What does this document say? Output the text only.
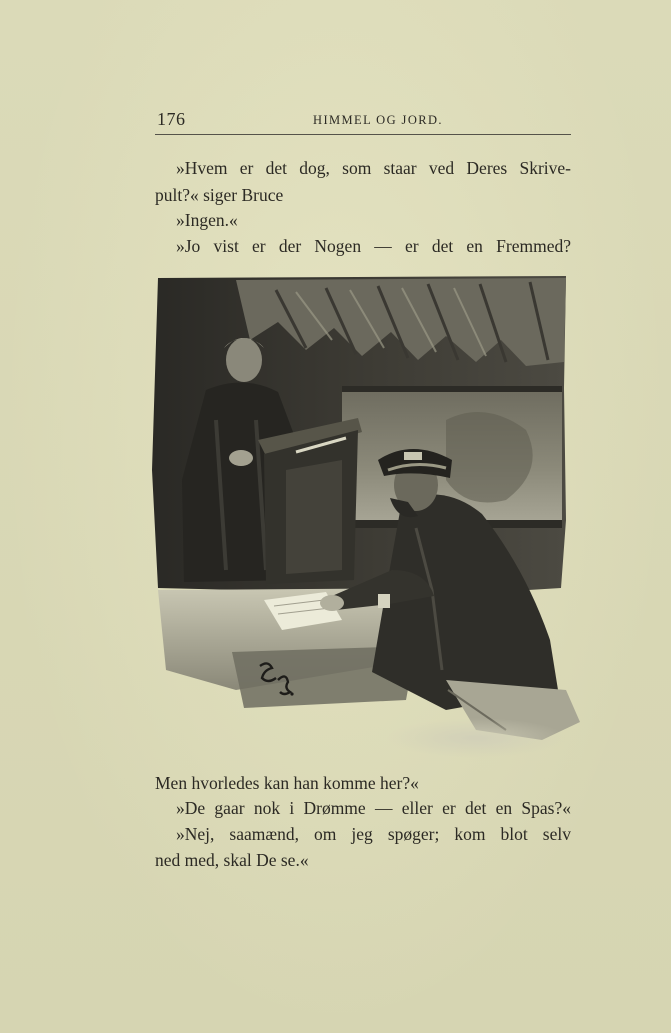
176	HIMMEL OG JORD.
»Hvem er det dog, som staar ved Deres Skrive-
pult?« siger Bruce
»Ingen.«
»Jo vist er der Nogen — er det en Fremmed?
Men hvorledes kan han komme her?«
»De gaar nok i Drømme — eller er det en Spas?«
»Nej, saamænd, om jeg spøger; kom blot selv
ned med, skal De se.«
